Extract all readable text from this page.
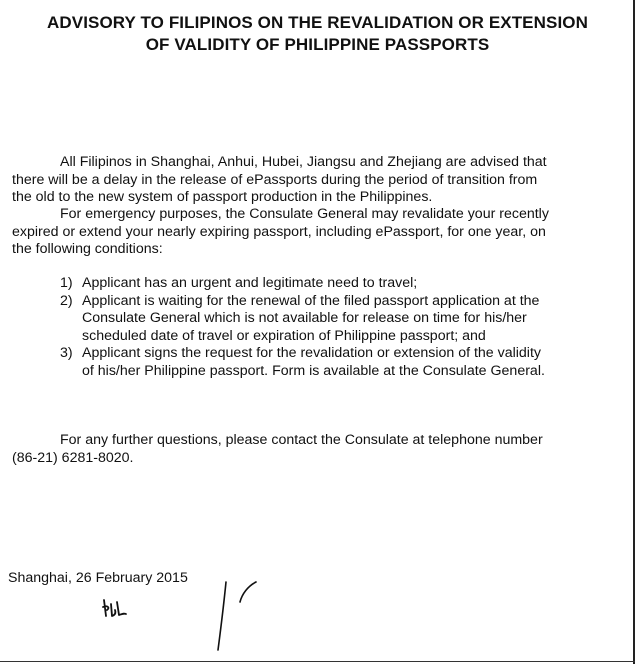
ADVISORY TO FILIPINOS ON THE REVALIDATION OR EXTENSION
OF VALIDITY OF PHILIPPINE PASSPORTS
All Filipinos in Shanghai, Anhui, Hubei, Jiangsu and Zhejiang are advised that
there will be a delay in the release of ePassports during the period of transition from
the old to the new system of passport production in the Philippines.
For emergency purposes, the Consulate General may revalidate your recently
expired or extend your nearly expiring passport, including ePassport, for one year, on
the following conditions:
1) Applicant has an urgent and legitimate need to travel;
2) Applicant is waiting for the renewal of the filed passport application at the
Consulate General which is not available for release on time for his/her
scheduled date of travel or expiration of Philippine passport; and
3) Applicant signs the request for the revalidation or extension of the validity
of his/her Philippine passport. Form is available at the Consulate General.
For any further questions, please contact the Consulate at telephone number
(86-21) 6281-8020.
Shanghai, 26 February 2015
